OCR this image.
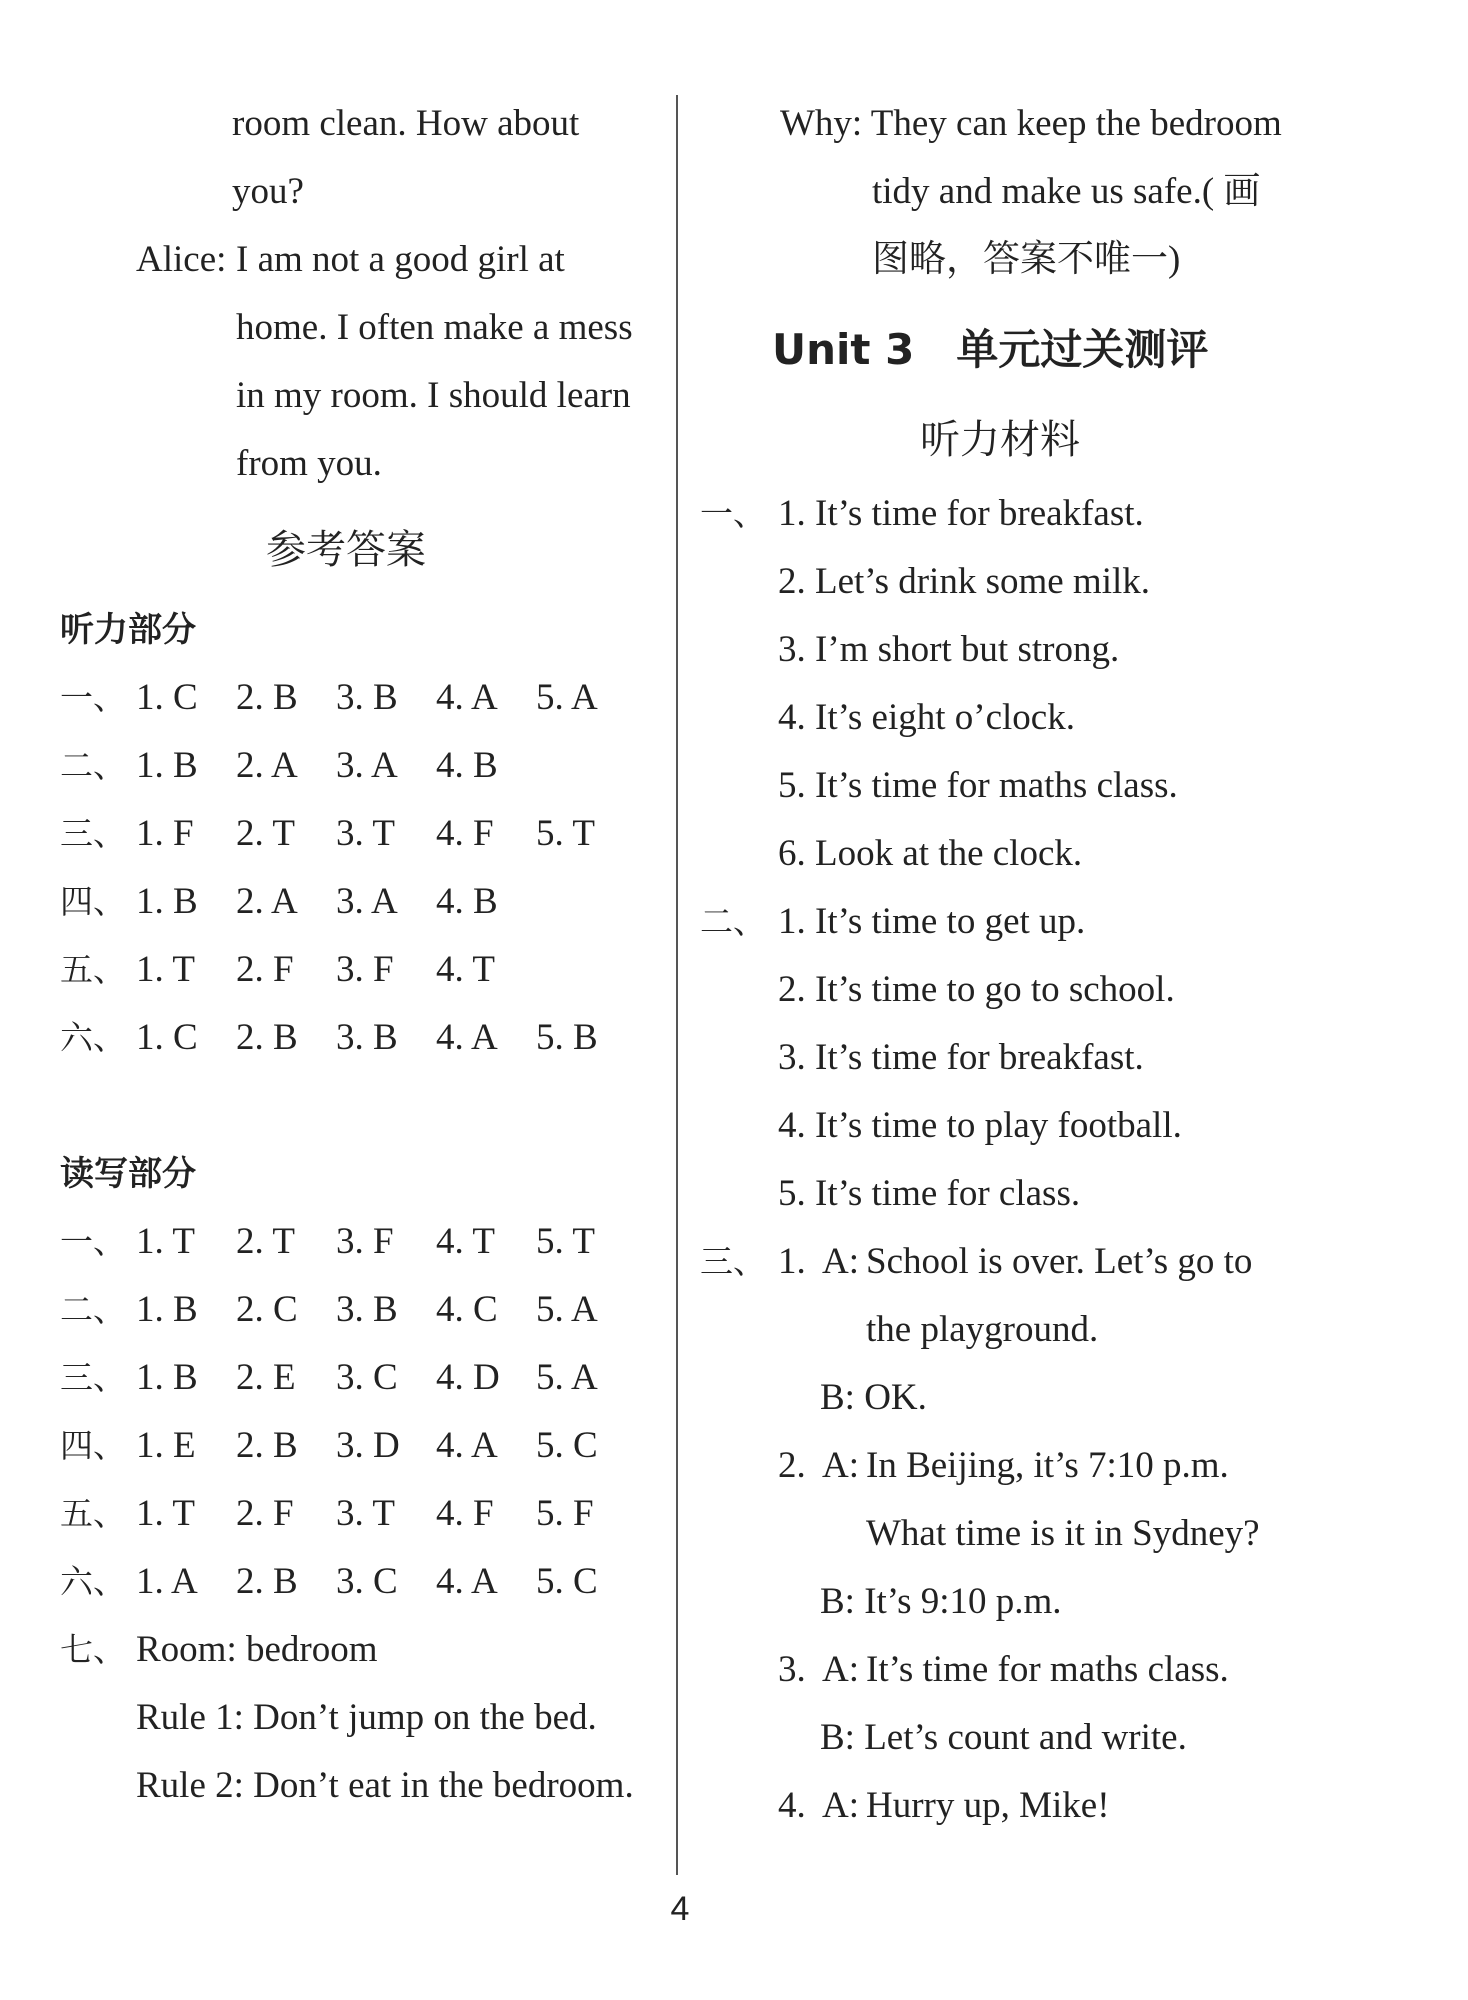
room clean. How about
you?
Alice: I am not a good girl at
home. I often make a mess
in my room. I should learn
from you.
参考答案
听力部分
一、 1. C	2. B	3. B	4. A	5. A
二、 1. B	2. A	3. A	4. B
三、 1. F	2. T	3. T	4. F	5. T
四、 1. B	2. A	3. A	4. B
五、 1. T	2. F	3. F	4. T
六、 1. C	2. B	3. B	4. A	5. B
读写部分
一、 1. T	2. T	3. F	4. T	5. T
二、 1. B	2. C	3. B	4. C	5. A
三、 1. B	2. E	3. C	4. D 5. A
四、 1. E	2. B	3. D 4. A	5. C
五、 1. T	2. F	3. T	4. F	5. F
六、 1. A	2. B	3. C	4. A	5. C
七、 Room: bedroom
Rule 1: Don’t jump on the bed.
Rule 2: Don’t eat in the bedroom.
Why: They can keep the bedroom
tidy and make us safe.( 画
图略，答案不唯一)
Unit 3　单元过关测评
听力材料
一、 1. It’s time for breakfast.
2. Let’s drink some milk.
3. I’m short but strong.
4. It’s eight o’clock.
5. It’s time for maths class.
6. Look at the clock.
二、 1. It’s time to get up.
2. It’s time to go to school.
3. It’s time for breakfast.
4. It’s time to play football.
5. It’s time for class.
三、 1. A: School is over. Let’s go to
the playground.
B: OK.
2. A: In Beijing, it’s 7:10 p.m.
What time is it in Sydney?
B: It’s 9:10 p.m.
3. A: It’s time for maths class.
B: Let’s count and write.
4. A: Hurry up, Mike!
4
